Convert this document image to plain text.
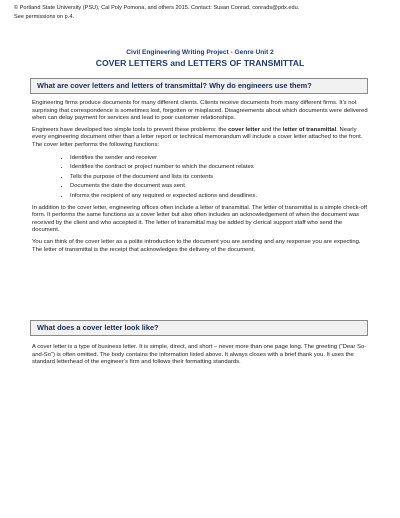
© Portland State University (PSU), Cal Poly Pomona, and others 2015. Contact: Susan Conrad, conrads@pdx.edu.
See permissions on p.4.
Civil Engineering Writing Project - Genre Unit 2
COVER LETTERS and LETTERS OF TRANSMITTAL
What are cover letters and letters of transmittal? Why do engineers use them?

Engineering firms produce documents for many different clients. Clients receive documents from many different firms. It’s not surprising that correspondence is sometimes lost, forgotten or misplaced. Disagreements about which documents were delivered when can delay payment for services and lead to poor customer relationships.

Engineers have developed two simple tools to prevent these problems: the cover letter and the letter of transmittal. Nearly every engineering document other than a letter report or technical memorandum will include a cover letter attached to the front. The cover letter performs the following functions:

• Identifies the sender and receiver
• Identifies the contract or project number to which the document relates
• Tells the purpose of the document and lists its contents
• Documents the date the document was sent
• Informs the recipient of any required or expected actions and deadlines.

In addition to the cover letter, engineering offices often include a letter of transmittal. The letter of transmittal is a simple check-off form. It performs the same functions as a cover letter but also often includes an acknowledgement of when the document was received by the client and who accepted it. The letter of transmittal may be added by clerical support staff who send the document.

You can think of the cover letter as a polite introduction to the document you are sending and any response you are expecting. The letter of transmittal is the receipt that acknowledges the delivery of the document.

What does a cover letter look like?

A cover letter is a type of business letter. It is simple, direct, and short – never more than one page long. The greeting (“Dear So-and-So”) is often omitted. The body contains the information listed above. It always closes with a brief thank you. It uses the standard letterhead of the engineer’s firm and follows their formatting standards.
